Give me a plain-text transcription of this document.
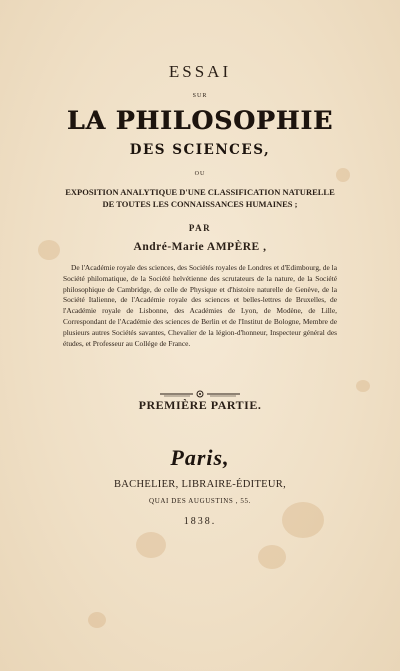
ESSAI
SUR
LA PHILOSOPHIE
DES SCIENCES,
OU
EXPOSITION ANALYTIQUE D'UNE CLASSIFICATION NATURELLE
DE TOUTES LES CONNAISSANCES HUMAINES ;
PAR
André-Marie AMPÈRE ,
De l'Académie royale des sciences, des Sociétés royales de Londres et d'Edimbourg, de la Société philomatique, de la Société helvétienne des scrutateurs de la nature, de la Société philosophique de Cambridge, de celle de Physique et d'histoire naturelle de Genève, de la Société Italienne, de l'Académie royale des sciences et belles-lettres de Bruxelles, de l'Académie royale de Lisbonne, des Académies de Lyon, de Modène, de Lille, Correspondant de l'Académie des sciences de Berlin et de l'Institut de Bologne, Membre de plusieurs autres Sociétés savantes, Chevalier de la légion-d'honneur, Inspecteur général des études, et Professeur au Collége de France.
PREMIÈRE PARTIE.
Paris,
BACHELIER, LIBRAIRE-ÉDITEUR,
QUAI DES AUGUSTINS , 55.
1838.
